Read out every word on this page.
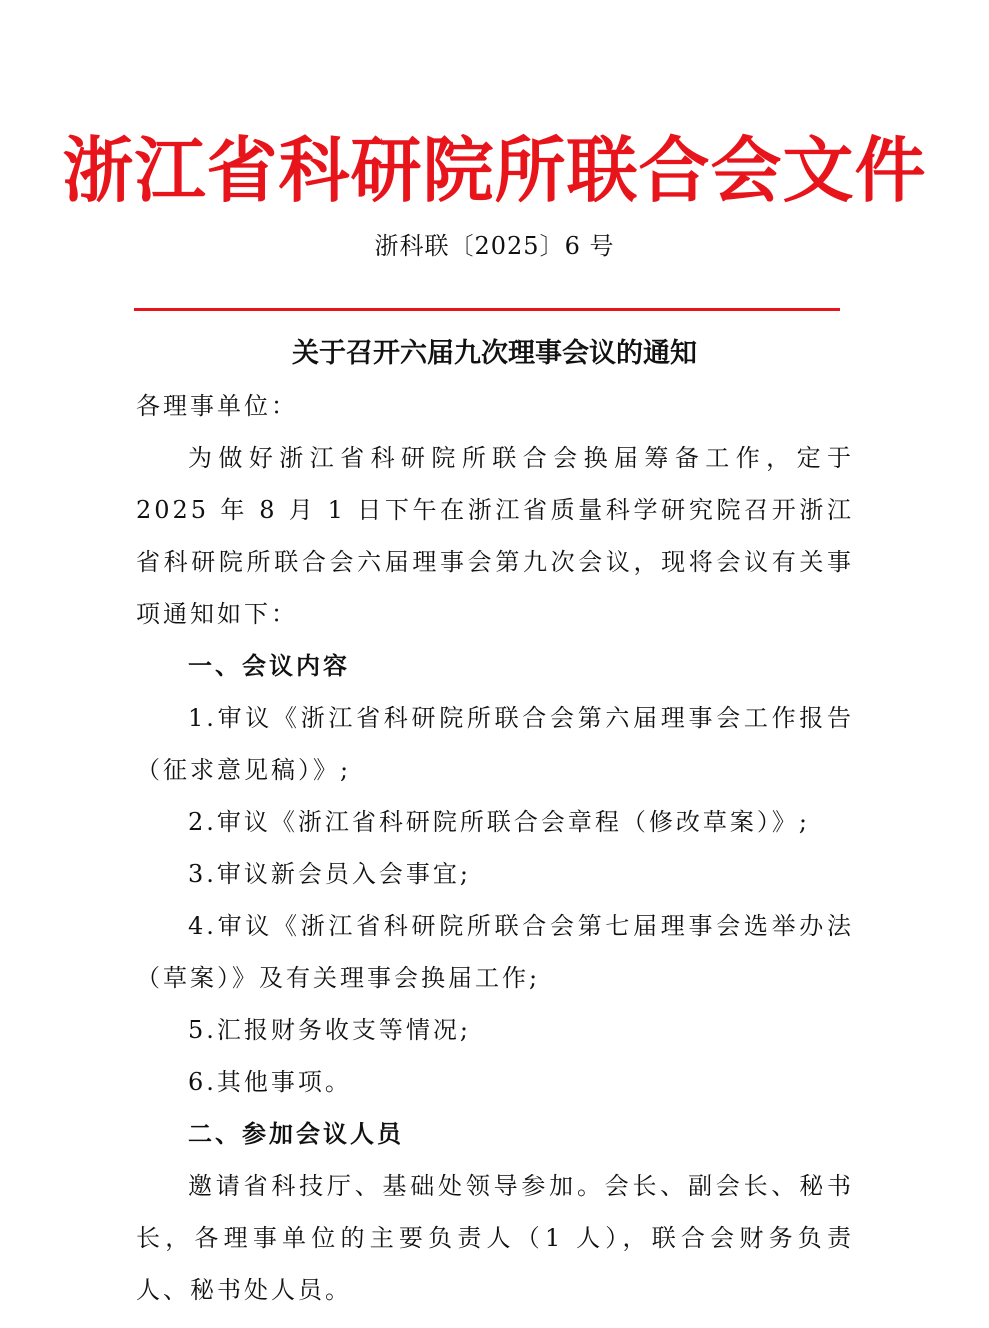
浙江省科研院所联合会文件
浙科联〔2025〕6 号
关于召开六届九次理事会议的通知

各理事单位：

为做好浙江省科研院所联合会换届筹备工作，定于 2025 年 8 月 1 日下午在浙江省质量科学研究院召开浙江省科研院所联合会六届理事会第九次会议，现将会议有关事项通知如下：

一、会议内容

1.审议《浙江省科研院所联合会第六届理事会工作报告（征求意见稿）》;

2.审议《浙江省科研院所联合会章程（修改草案）》;

3.审议新会员入会事宜;

4.审议《浙江省科研院所联合会第七届理事会选举办法（草案）》及有关理事会换届工作;

5.汇报财务收支等情况;

6.其他事项。

二、参加会议人员

邀请省科技厅、基础处领导参加。会长、副会长、秘书长，各理事单位的主要负责人（1 人），联合会财务负责人、秘书处人员。
